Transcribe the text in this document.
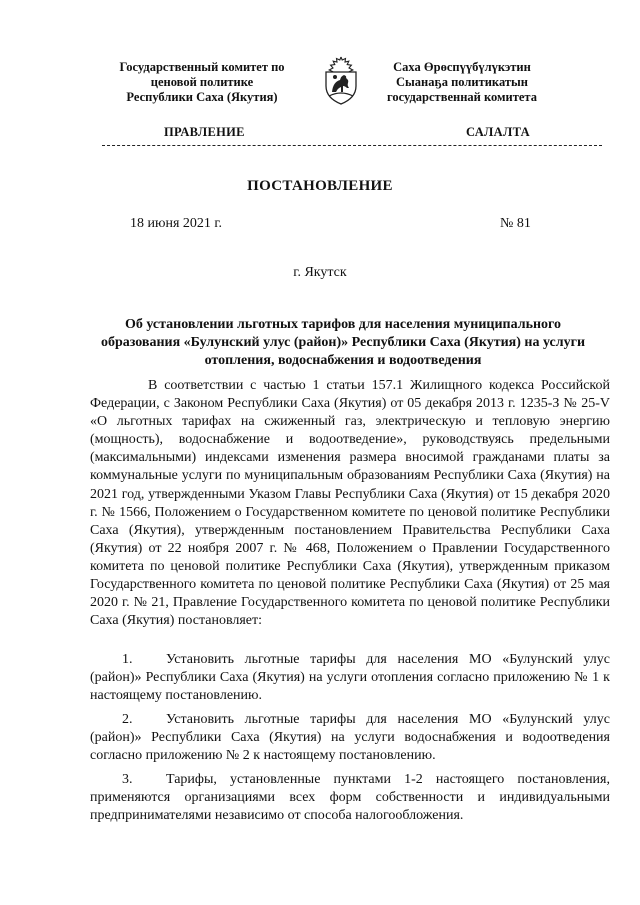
Государственный комитет по
ценовой политике
Республики Саха (Якутия)
Саха Өрөспүүбүлүкэтин
Сыанаҕа политикатын
государственнай комитета
ПРАВЛЕНИЕ	САЛАЛТА
ПОСТАНОВЛЕНИЕ
18 июня 2021 г.	№ 81
г. Якутск
Об установлении льготных тарифов для населения муниципального образования «Булунский улус (район)» Республики Саха (Якутия) на услуги отопления, водоснабжения и водоотведения
В соответствии с частью 1 статьи 157.1 Жилищного кодекса Российской Федерации, с Законом Республики Саха (Якутия) от 05 декабря 2013 г. 1235-З № 25-V «О льготных тарифах на сжиженный газ, электрическую и тепловую энергию (мощность), водоснабжение и водоотведение», руководствуясь предельными (максимальными) индексами изменения размера вносимой гражданами платы за коммунальные услуги по муниципальным образованиям Республики Саха (Якутия) на 2021 год, утвержденными Указом Главы Республики Саха (Якутия) от 15 декабря 2020 г. № 1566, Положением о Государственном комитете по ценовой политике Республики Саха (Якутия), утвержденным постановлением Правительства Республики Саха (Якутия) от 22 ноября 2007 г. № 468, Положением о Правлении Государственного комитета по ценовой политике Республики Саха (Якутия), утвержденным приказом Государственного комитета по ценовой политике Республики Саха (Якутия) от 25 мая 2020 г. № 21, Правление Государственного комитета по ценовой политике Республики Саха (Якутия) постановляет:
1. Установить льготные тарифы для населения МО «Булунский улус (район)» Республики Саха (Якутия) на услуги отопления согласно приложению № 1 к настоящему постановлению.
2. Установить льготные тарифы для населения МО «Булунский улус (район)» Республики Саха (Якутия) на услуги водоснабжения и водоотведения согласно приложению № 2 к настоящему постановлению.
3. Тарифы, установленные пунктами 1-2 настоящего постановления, применяются организациями всех форм собственности и индивидуальными предпринимателями независимо от способа налогообложения.
